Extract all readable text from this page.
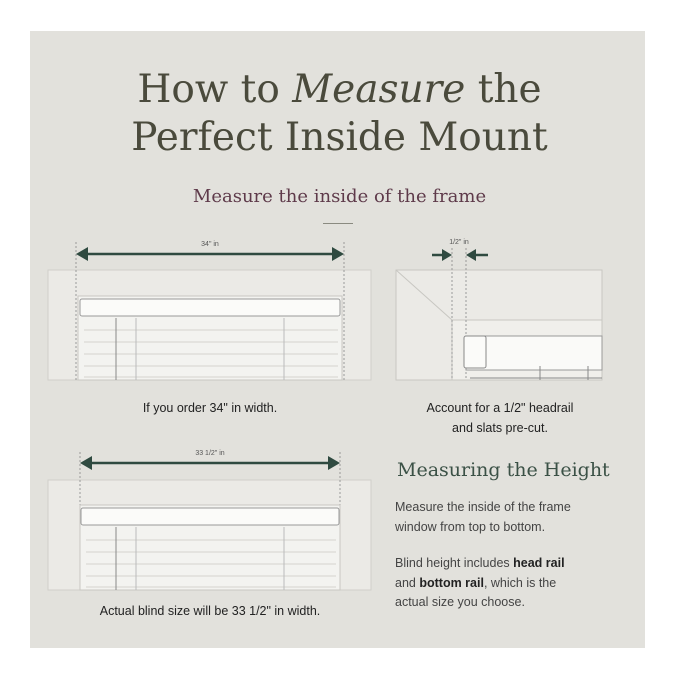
How to Measure the
Perfect Inside Mount
Measure the inside of the frame
34" in	1/2" in
33 1/2" in
If you order 34" in width.	Account for a 1/2" headrail
and slats pre-cut.
Actual blind size will be 33 1/2" in width.
Measuring the Height
Measure the inside of the frame
window from top to bottom.
Blind height includes head rail
and bottom rail, which is the
actual size you choose.
